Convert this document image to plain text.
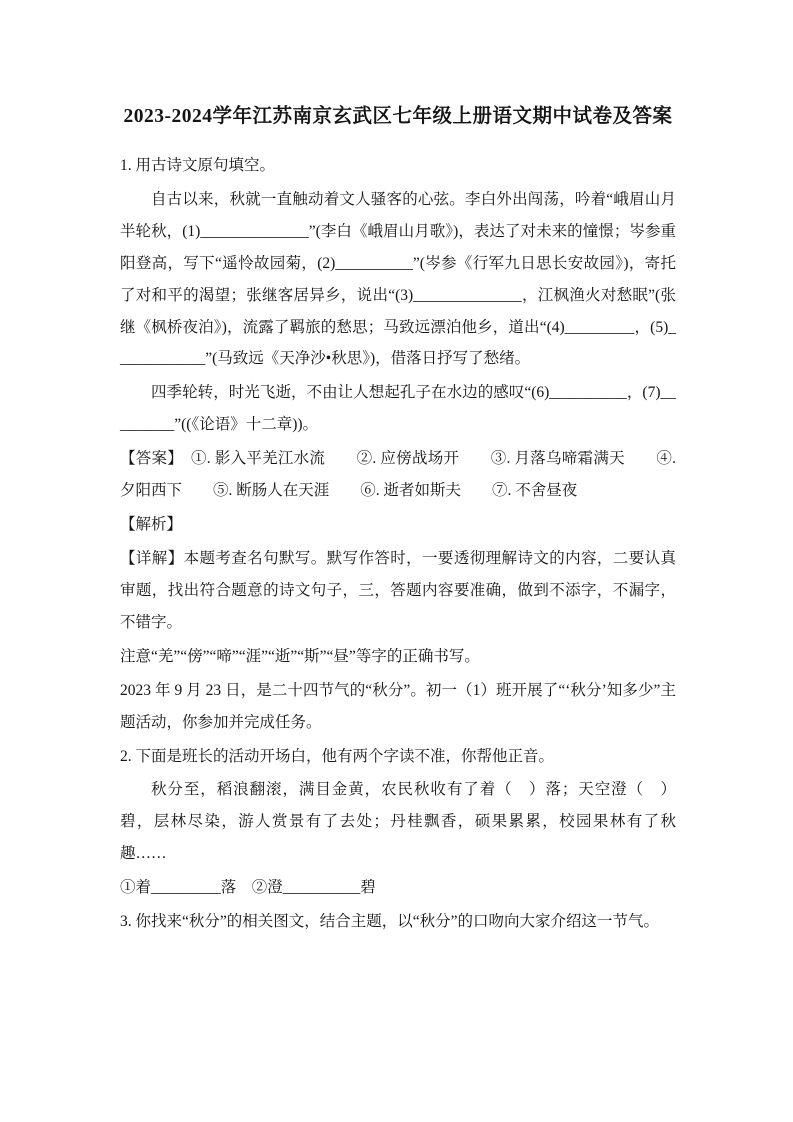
2023-2024学年江苏南京玄武区七年级上册语文期中试卷及答案

1. 用古诗文原句填空。

自古以来，秋就一直触动着文人骚客的心弦。李白外出闯荡，吟着“峨眉山月半轮秋，(1)______________”(李白《峨眉山月歌》)，表达了对未来的憧憬；岑参重阳登高，写下“遥怜故园菊，(2)__________”(岑参《行军九日思长安故园》)，寄托了对和平的渴望；张继客居异乡，说出“(3)______________，江枫渔火对愁眠”(张继《枫桥夜泊》)，流露了羁旅的愁思；马致远漂泊他乡，道出“(4)_________，(5)____________”(马致远《天净沙•秋思》)，借落日抒写了愁绪。

四季轮转，时光飞逝，不由让人想起孔子在水边的感叹“(6)__________，(7)_________”((《论语》十二章))。

【答案】　①. 影入平羌江水流　　②. 应傍战场开　　③. 月落乌啼霜满天　　④. 夕阳西下　　⑤. 断肠人在天涯　　⑥. 逝者如斯夫　　⑦. 不舍昼夜

【解析】

【详解】本题考查名句默写。默写作答时，一要透彻理解诗文的内容，二要认真审题，找出符合题意的诗文句子，三，答题内容要准确，做到不添字，不漏字，不错字。

注意“羌”“傍”“啼”“涯”“逝”“斯”“昼”等字的正确书写。

2023 年 9 月 23 日，是二十四节气的“秋分”。初一（1）班开展了“‘秋分’知多少”主题活动，你参加并完成任务。

2. 下面是班长的活动开场白，他有两个字读不准，你帮他正音。

秋分至，稻浪翻滚，满目金黄，农民秋收有了着（　）落；天空澄（　）碧，层林尽染，游人赏景有了去处；丹桂飘香，硕果累累，校园果林有了秋趣……

①着_________落　②澄__________碧

3. 你找来“秋分”的相关图文，结合主题，以“秋分”的口吻向大家介绍这一节气。
